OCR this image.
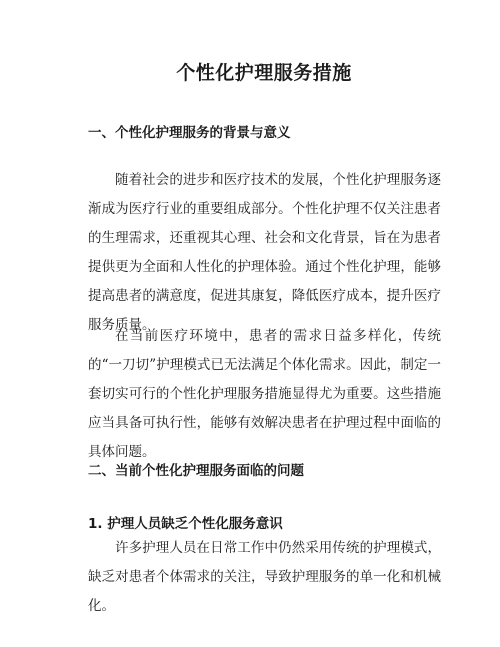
个性化护理服务措施
一、个性化护理服务的背景与意义

随着社会的进步和医疗技术的发展，个性化护理服务逐渐成为医疗行业的重要组成部分。个性化护理不仅关注患者的生理需求，还重视其心理、社会和文化背景，旨在为患者提供更为全面和人性化的护理体验。通过个性化护理，能够提高患者的满意度，促进其康复，降低医疗成本，提升医疗服务质量。

在当前医疗环境中，患者的需求日益多样化，传统的“一刀切”护理模式已无法满足个体化需求。因此，制定一套切实可行的个性化护理服务措施显得尤为重要。这些措施应当具备可执行性，能够有效解决患者在护理过程中面临的具体问题。

二、当前个性化护理服务面临的问题
1. 护理人员缺乏个性化服务意识

许多护理人员在日常工作中仍然采用传统的护理模式，缺乏对患者个体需求的关注，导致护理服务的单一化和机械化。
